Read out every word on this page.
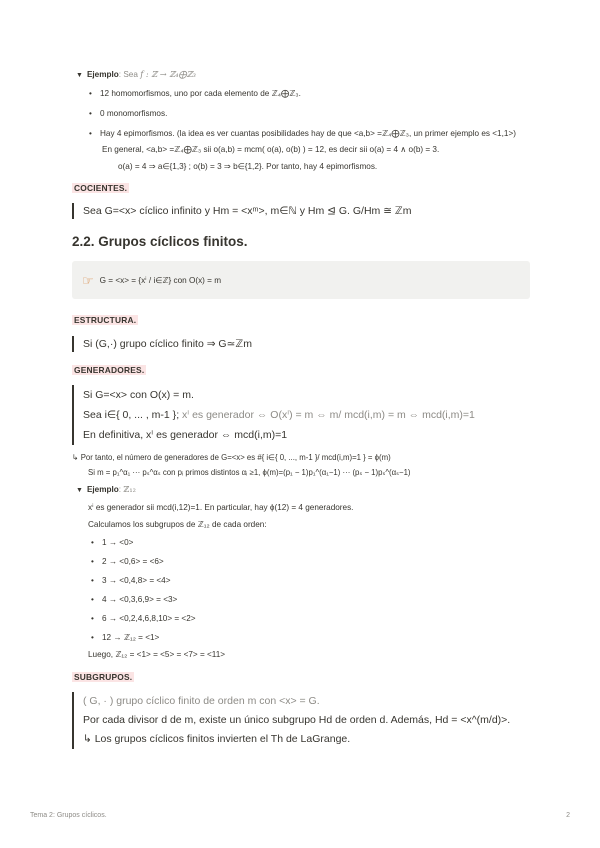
▼ Ejemplo: Sea f : ℤ → ℤ₄⨁ℤ₃
• 12 homomorfismos, uno por cada elemento de ℤ₄⨁ℤ₃.
• 0 monomorfismos.
• Hay 4 epimorfismos. (la idea es ver cuantas posibilidades hay de que <a,b> =ℤ₄⨁ℤ₃, un primer ejemplo es <1,1>)
En general, <a,b> =ℤ₄⨁ℤ₃ sii o(a,b) = mcm( o(a), o(b) ) = 12, es decir sii o(a) = 4 ∧ o(b) = 3.
o(a) = 4 ⇒ a∈{1,3} ; o(b) = 3 ⇒ b∈{1,2}. Por tanto, hay 4 epimorfismos.
COCIENTES.
Sea G=<x> cíclico infinito y Hm = <xᵐ>, m∈ℕ y Hm ⊴ G. G/Hm ≅ ℤm
2.2. Grupos cíclicos finitos.
☞ G = <x> = {xⁱ / i∈ℤ} con O(x) = m
ESTRUCTURA.
Si (G,·) grupo cíclico finito ⇒ G≃ℤm
GENERADORES.
Si G=<x> con O(x) = m.
Sea i∈{ 0, ... , m-1 }; xⁱ es generador ⇔ O(xⁱ) = m ⇔ m/ mcd(i,m) = m ⇔ mcd(i,m)=1
En definitiva, xⁱ es generador ⇔ mcd(i,m)=1
↳ Por tanto, el número de generadores de G=<x> es #{ i∈{ 0, ..., m-1 }/ mcd(i,m)=1 } = ϕ(m)
Si m = p₁^α₁ ··· pₛ^αₛ con pᵢ primos distintos αᵢ ≥1, ϕ(m)=(p₁ − 1)p₁^(α₁−1) ··· (pₛ − 1)pₛ^(αₛ−1)
▼ Ejemplo: ℤ₁₂
xⁱ es generador sii mcd(i,12)=1. En particular, hay ϕ(12) = 4 generadores.
Calculamos los subgrupos de ℤ₁₂ de cada orden:
• 1 → <0>
• 2 → <0,6> = <6>
• 3 → <0,4,8> = <4>
• 4 → <0,3,6,9> = <3>
• 6 → <0,2,4,6,8,10> = <2>
• 12 → ℤ₁₂ = <1>
Luego, ℤ₁₂ = <1> = <5> = <7> = <11>
SUBGRUPOS.
( G, · ) grupo cíclico finito de orden m con <x> = G.
Por cada divisor d de m, existe un único subgrupo Hd de orden d. Además, Hd = <x^(m/d)>.
↳ Los grupos cíclicos finitos invierten el Th de LaGrange.
Tema 2: Grupos cíclicos.	2
